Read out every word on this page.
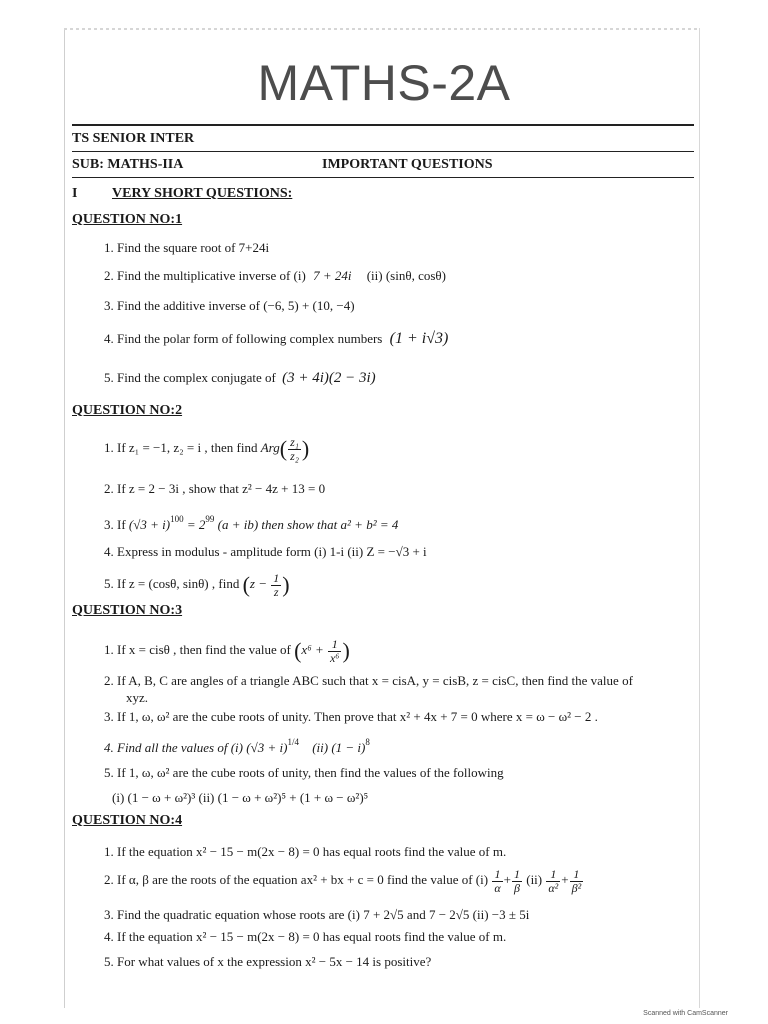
MATHS-2A
TS SENIOR INTER
SUB: MATHS-IIA	IMPORTANT QUESTIONS
I VERY SHORT QUESTIONS:
QUESTION NO:1
1. Find the square root of 7+24i
2. Find the multiplicative inverse of (i) 7 + 24i (ii) (sinθ, cosθ)
3. Find the additive inverse of (−6, 5) + (10, −4)
4. Find the polar form of following complex numbers (1 + i√3)
5. Find the complex conjugate of (3 + 4i)(2 − 3i)
QUESTION NO:2
1. If z₁ = −1, z₂ = i , then find $Arg( \frac{\text{z₁}}{\text{z₂}}$ )
2. If z = 2 − 3i , show that z² − 4z + 13 = 0
3. If $(√3 + i)^{100} = 2^{99}$ (a + ib) then show that a² + b² = 4
4. Express in modulus - amplitude form (i) 1-i (ii) Z = −√3 + i
5. If z = (cosθ, sinθ) , find ($z - \frac{1}{z}$ )
QUESTION NO:3
1. If x = cisθ , then find the value of ($x^6 + \frac{1}{\text{x⁶}}$ )
2. If A, B, C are angles of a triangle ABC such that x = cisA, y = cisB, z = cisC, then find the value of
xyz.
3. If 1, ω, ω² are the cube roots of unity. Then prove that x² + 4x + 7 = 0 where x = ω − ω² − 2 .
4. Find all the values of (i) $(√3 + i)^{1/4}$ (ii) $(1 - i)^8$
5. If 1, ω, ω² are the cube roots of unity, then find the values of the following
(i) (1 − ω + ω²)³ (ii) (1 − ω + ω²)⁵ + (1 + ω − ω²)⁵
QUESTION NO:4
1. If the equation x² − 15 − m(2x − 8) = 0 has equal roots find the value of m.
2. If α, β are the roots of the equation ax² + bx + c = 0 find the value of $(i) \frac{1}{\alpha} + \frac{1}{\beta} (ii) \frac{1}{\text{α²}} + \frac{1}{\text{β²}}$
3. Find the quadratic equation whose roots are (i) 7 + 2√5 and 7 − 2√5 (ii) −3 ± 5i
4. If the equation x² − 15 − m(2x − 8) = 0 has equal roots find the value of m.
5. For what values of x the expression x² − 5x − 14 is positive?
Scanned with CamScanner
